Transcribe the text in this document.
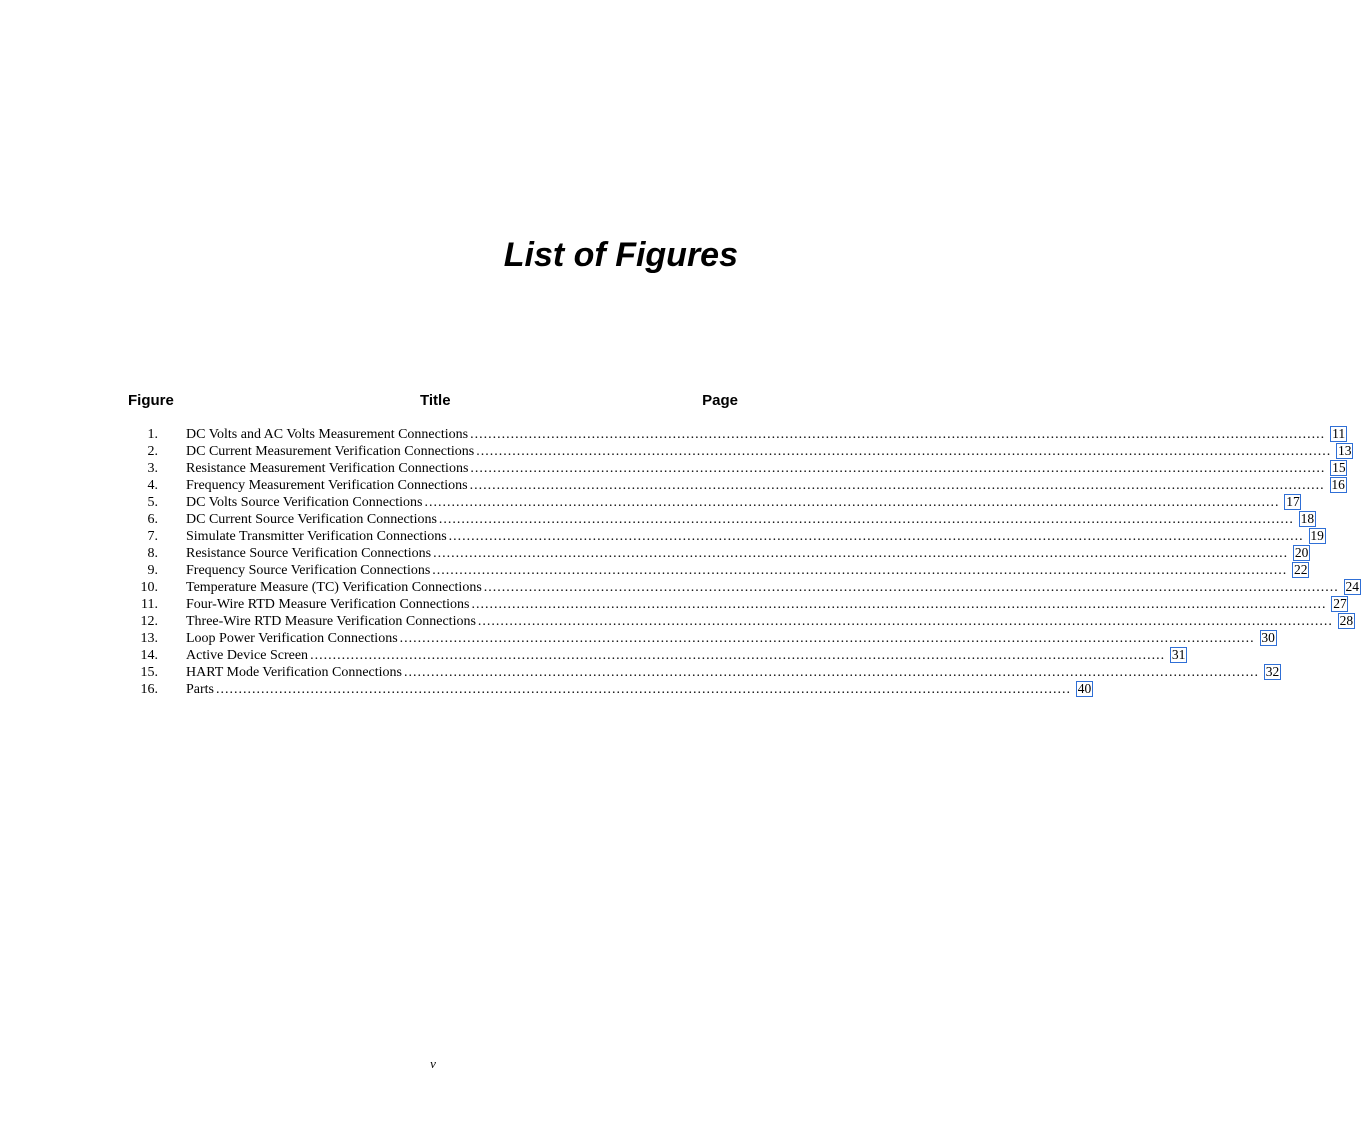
List of Figures
Figure	Title	Page
1. DC Volts and AC Volts Measurement Connections .............................................................................................................................................................................................. 11
2. DC Current Measurement Verification Connections .............................................................................................................................................................................................. 13
3. Resistance Measurement Verification Connections .............................................................................................................................................................................................. 15
4. Frequency Measurement Verification Connections .............................................................................................................................................................................................. 16
5. DC Volts Source Verification Connections .............................................................................................................................................................................................. 17
6. DC Current Source Verification Connections .............................................................................................................................................................................................. 18
7. Simulate Transmitter Verification Connections .............................................................................................................................................................................................. 19
8. Resistance Source Verification Connections .............................................................................................................................................................................................. 20
9. Frequency Source Verification Connections .............................................................................................................................................................................................. 22
10. Temperature Measure (TC) Verification Connections .............................................................................................................................................................................................. 24
11. Four-Wire RTD Measure Verification Connections .............................................................................................................................................................................................. 27
12. Three-Wire RTD Measure Verification Connections .............................................................................................................................................................................................. 28
13. Loop Power Verification Connections .............................................................................................................................................................................................. 30
14. Active Device Screen .............................................................................................................................................................................................. 31
15. HART Mode Verification Connections .............................................................................................................................................................................................. 32
16. Parts .............................................................................................................................................................................................. 40
v
